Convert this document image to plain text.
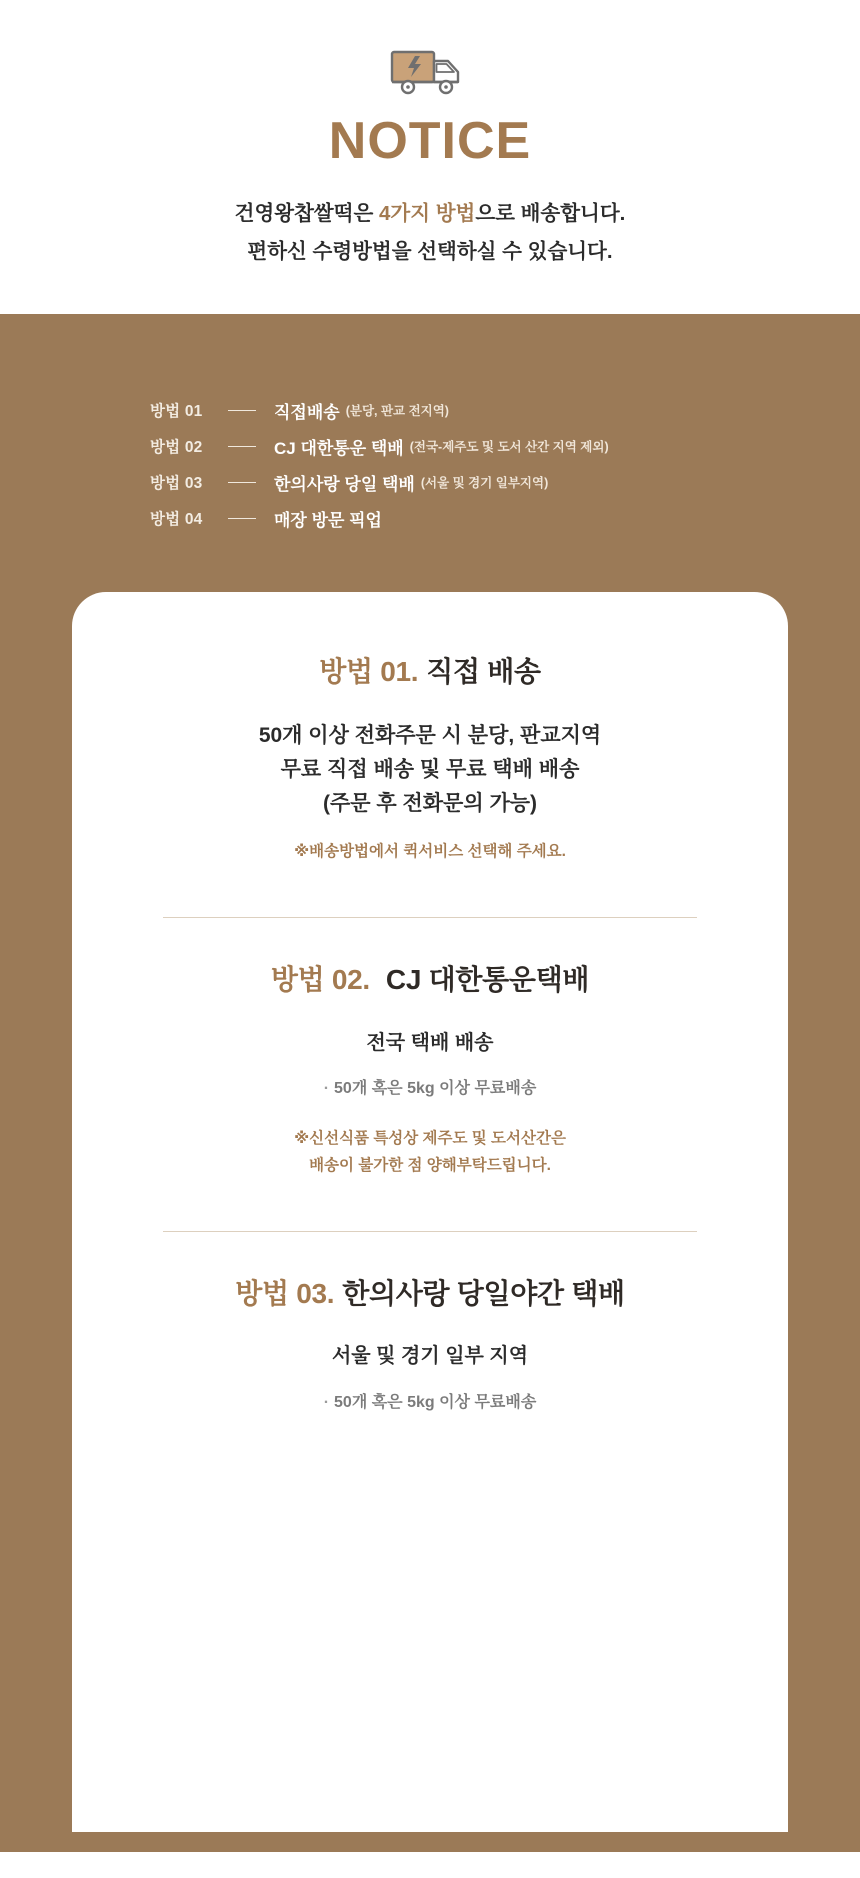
NOTICE

건영왕찹쌀떡은 4가지 방법으로 배송합니다.
편하신 수령방법을 선택하실 수 있습니다.

방법 01	직접배송 (분당, 판교 전지역)
방법 02	CJ 대한통운 택배 (전국-제주도 및 도서 산간 지역 제외)
방법 03	한의사랑 당일 택배 (서울 및 경기 일부지역)
방법 04	매장 방문 픽업
방법 01. 직접 배송
50개 이상 전화주문 시 분당, 판교지역
무료 직접 배송 및 무료 택배 배송
(주문 후 전화문의 가능)
※배송방법에서 퀵서비스 선택해 주세요.
방법 02. CJ 대한통운택배
전국 택배 배송
· 50개 혹은 5kg 이상 무료배송
※신선식품 특성상 제주도 및 도서산간은
배송이 불가한 점 양해부탁드립니다.
방법 03. 한의사랑 당일야간 택배
서울 및 경기 일부 지역
· 50개 혹은 5kg 이상 무료배송
